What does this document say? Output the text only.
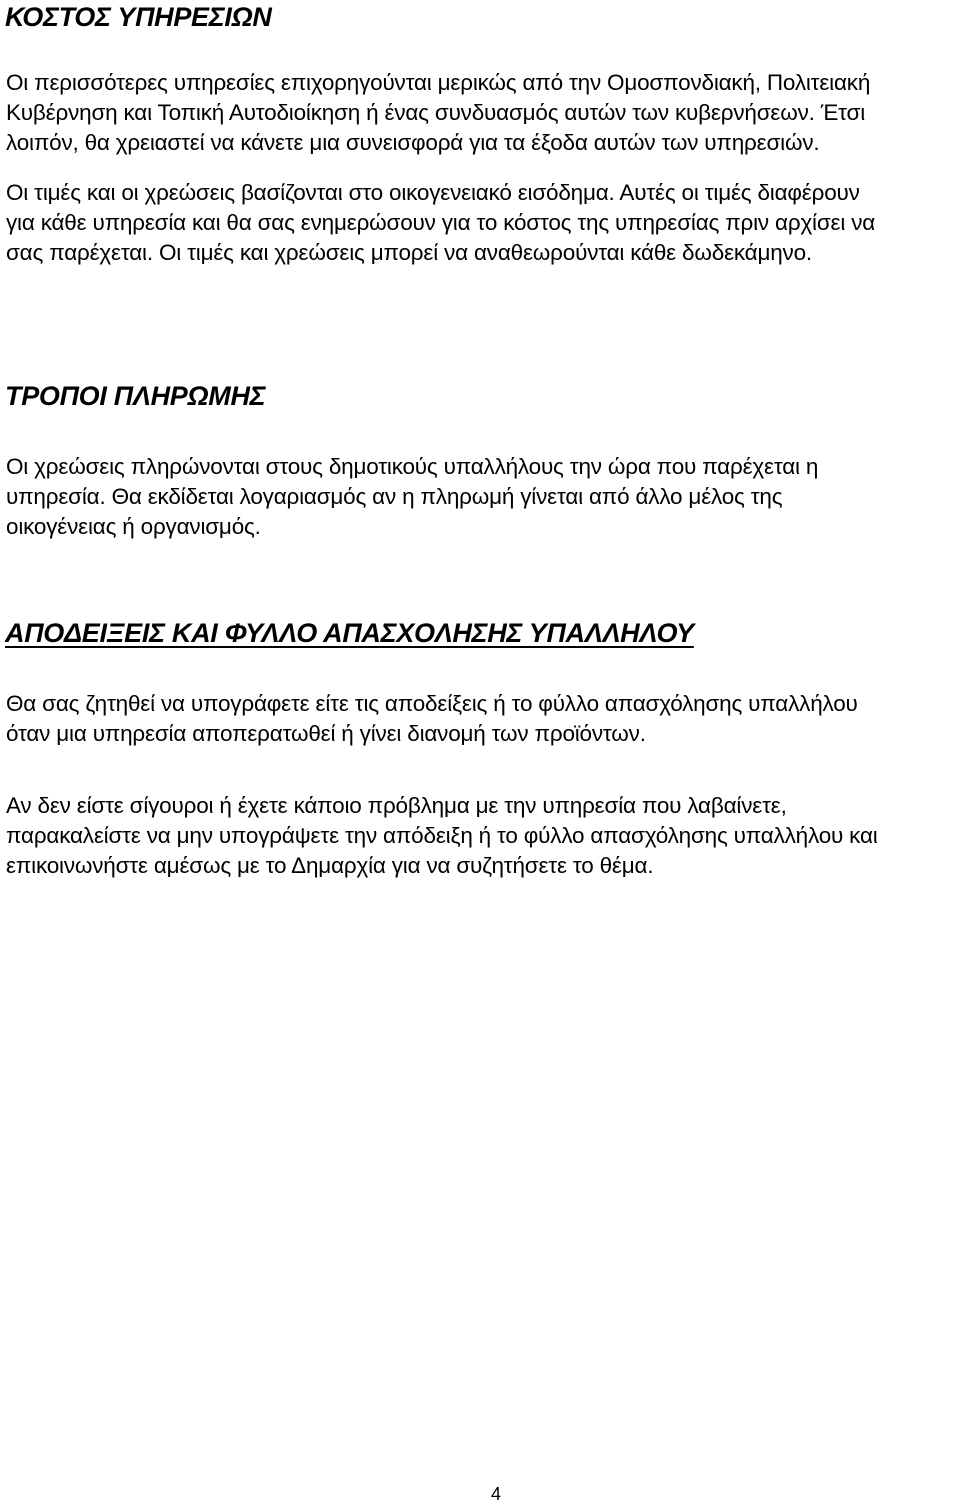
ΚΟΣΤΟΣ ΥΠΗΡΕΣΙΩΝ

Οι περισσότερες υπηρεσίες επιχορηγούνται μερικώς από την Ομοσπονδιακή, Πολιτειακή
Κυβέρνηση και Τοπική Αυτοδιοίκηση ή ένας συνδυασμός αυτών των κυβερνήσεων. Έτσι
λοιπόν, θα χρειαστεί να κάνετε μια συνεισφορά για τα έξοδα αυτών των υπηρεσιών.

Οι τιμές και οι χρεώσεις βασίζονται στο οικογενειακό εισόδημα. Αυτές οι τιμές διαφέρουν
για κάθε υπηρεσία και θα σας ενημερώσουν για το κόστος της υπηρεσίας πριν αρχίσει να
σας παρέχεται. Οι τιμές και χρεώσεις μπορεί να αναθεωρούνται κάθε δωδεκάμηνο.

ΤΡΟΠΟΙ ΠΛΗΡΩΜΗΣ

Οι χρεώσεις πληρώνονται στους δημοτικούς υπαλλήλους την ώρα που παρέχεται η
υπηρεσία. Θα εκδίδεται λογαριασμός αν η πληρωμή γίνεται από άλλο μέλος της
οικογένειας ή οργανισμός.

ΑΠΟΔΕΙΞΕΙΣ ΚΑΙ ΦΥΛΛΟ ΑΠΑΣΧΟΛΗΣΗΣ ΥΠΑΛΛΗΛΟΥ

Θα σας ζητηθεί να υπογράφετε είτε τις αποδείξεις ή το φύλλο απασχόλησης υπαλλήλου
όταν μια υπηρεσία αποπερατωθεί ή γίνει διανομή των προϊόντων.

Αν δεν είστε σίγουροι ή έχετε κάποιο πρόβλημα με την υπηρεσία που λαβαίνετε,
παρακαλείστε να μην υπογράψετε την απόδειξη ή το φύλλο απασχόλησης υπαλλήλου και
επικοινωνήστε αμέσως με το Δημαρχία για να συζητήσετε το θέμα.

4
